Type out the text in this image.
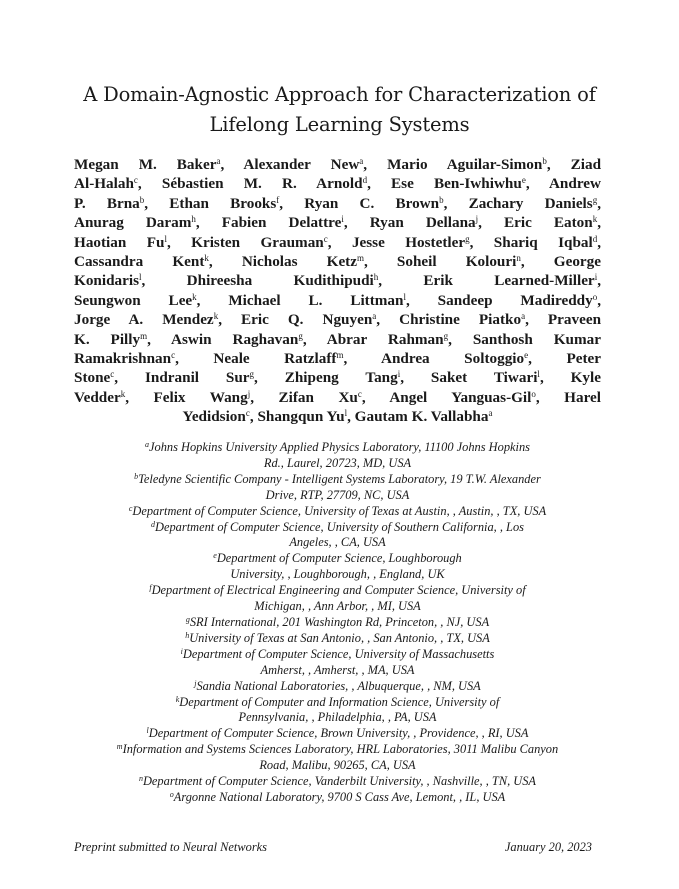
A Domain-Agnostic Approach for Characterization of
Lifelong Learning Systems
Megan M. Baker$^a$, Alexander New$^a$, Mario Aguilar-Simon$^b$, Ziad
Al-Halah$^c$, Sébastien M. R. Arnold$^d$, Ese Ben-Iwhiwhu$^e$, Andrew
P. Brna$^b$, Ethan Brooks$^f$, Ryan C. Brown$^b$, Zachary Daniels$^g$,
Anurag Daram$^h$, Fabien Delattre$^i$, Ryan Dellana$^j$, Eric Eaton$^k$,
Haotian Fu$^l$, Kristen Grauman$^c$, Jesse Hostetler$^g$, Shariq Iqbal$^d$,
Cassandra Kent$^k$, Nicholas Ketz$^m$, Soheil Kolouri$^n$, George
Konidaris$^l$, Dhireesha Kudithipudi$^h$, Erik Learned-Miller$^i$,
Seungwon Lee$^k$, Michael L. Littman$^l$, Sandeep Madireddy$^o$,
Jorge A. Mendez$^k$, Eric Q. Nguyen$^a$, Christine Piatko$^a$, Praveen
K. Pilly$^m$, Aswin Raghavan$^g$, Abrar Rahman$^g$, Santhosh Kumar
Ramakrishnan$^c$, Neale Ratzlaff$^m$, Andrea Soltoggio$^e$, Peter
Stone$^c$, Indranil Sur$^g$, Zhipeng Tang$^i$, Saket Tiwari$^l$, Kyle
Vedder$^k$, Felix Wang$^j$, Zifan Xu$^c$, Angel Yanguas-Gil$^o$, Harel
Yedidsion$^c$, Shangqun Yu$^l$, Gautam K. Vallabha$^a$
$^a$Johns Hopkins University Applied Physics Laboratory, 11100 Johns Hopkins
Rd., Laurel, 20723, MD, USA
$^b$Teledyne Scientific Company - Intelligent Systems Laboratory, 19 T.W. Alexander
Drive, RTP, 27709, NC, USA
$^c$Department of Computer Science, University of Texas at Austin, , Austin, , TX, USA
$^d$Department of Computer Science, University of Southern California, , Los
Angeles, , CA, USA
$^e$Department of Computer Science, Loughborough
University, , Loughborough, , England, UK
$^f$Department of Electrical Engineering and Computer Science, University of
Michigan, , Ann Arbor, , MI, USA
$^g$SRI International, 201 Washington Rd, Princeton, , NJ, USA
$^h$University of Texas at San Antonio, , San Antonio, , TX, USA
$^i$Department of Computer Science, University of Massachusetts
Amherst, , Amherst, , MA, USA
$^j$Sandia National Laboratories, , Albuquerque, , NM, USA
$^k$Department of Computer and Information Science, University of
Pennsylvania, , Philadelphia, , PA, USA
$^l$Department of Computer Science, Brown University, , Providence, , RI, USA
$^m$Information and Systems Sciences Laboratory, HRL Laboratories, 3011 Malibu Canyon
Road, Malibu, 90265, CA, USA
$^n$Department of Computer Science, Vanderbilt University, , Nashville, , TN, USA
$^o$Argonne National Laboratory, 9700 S Cass Ave, Lemont, , IL, USA
Preprint submitted to Neural Networks	January 20, 2023
